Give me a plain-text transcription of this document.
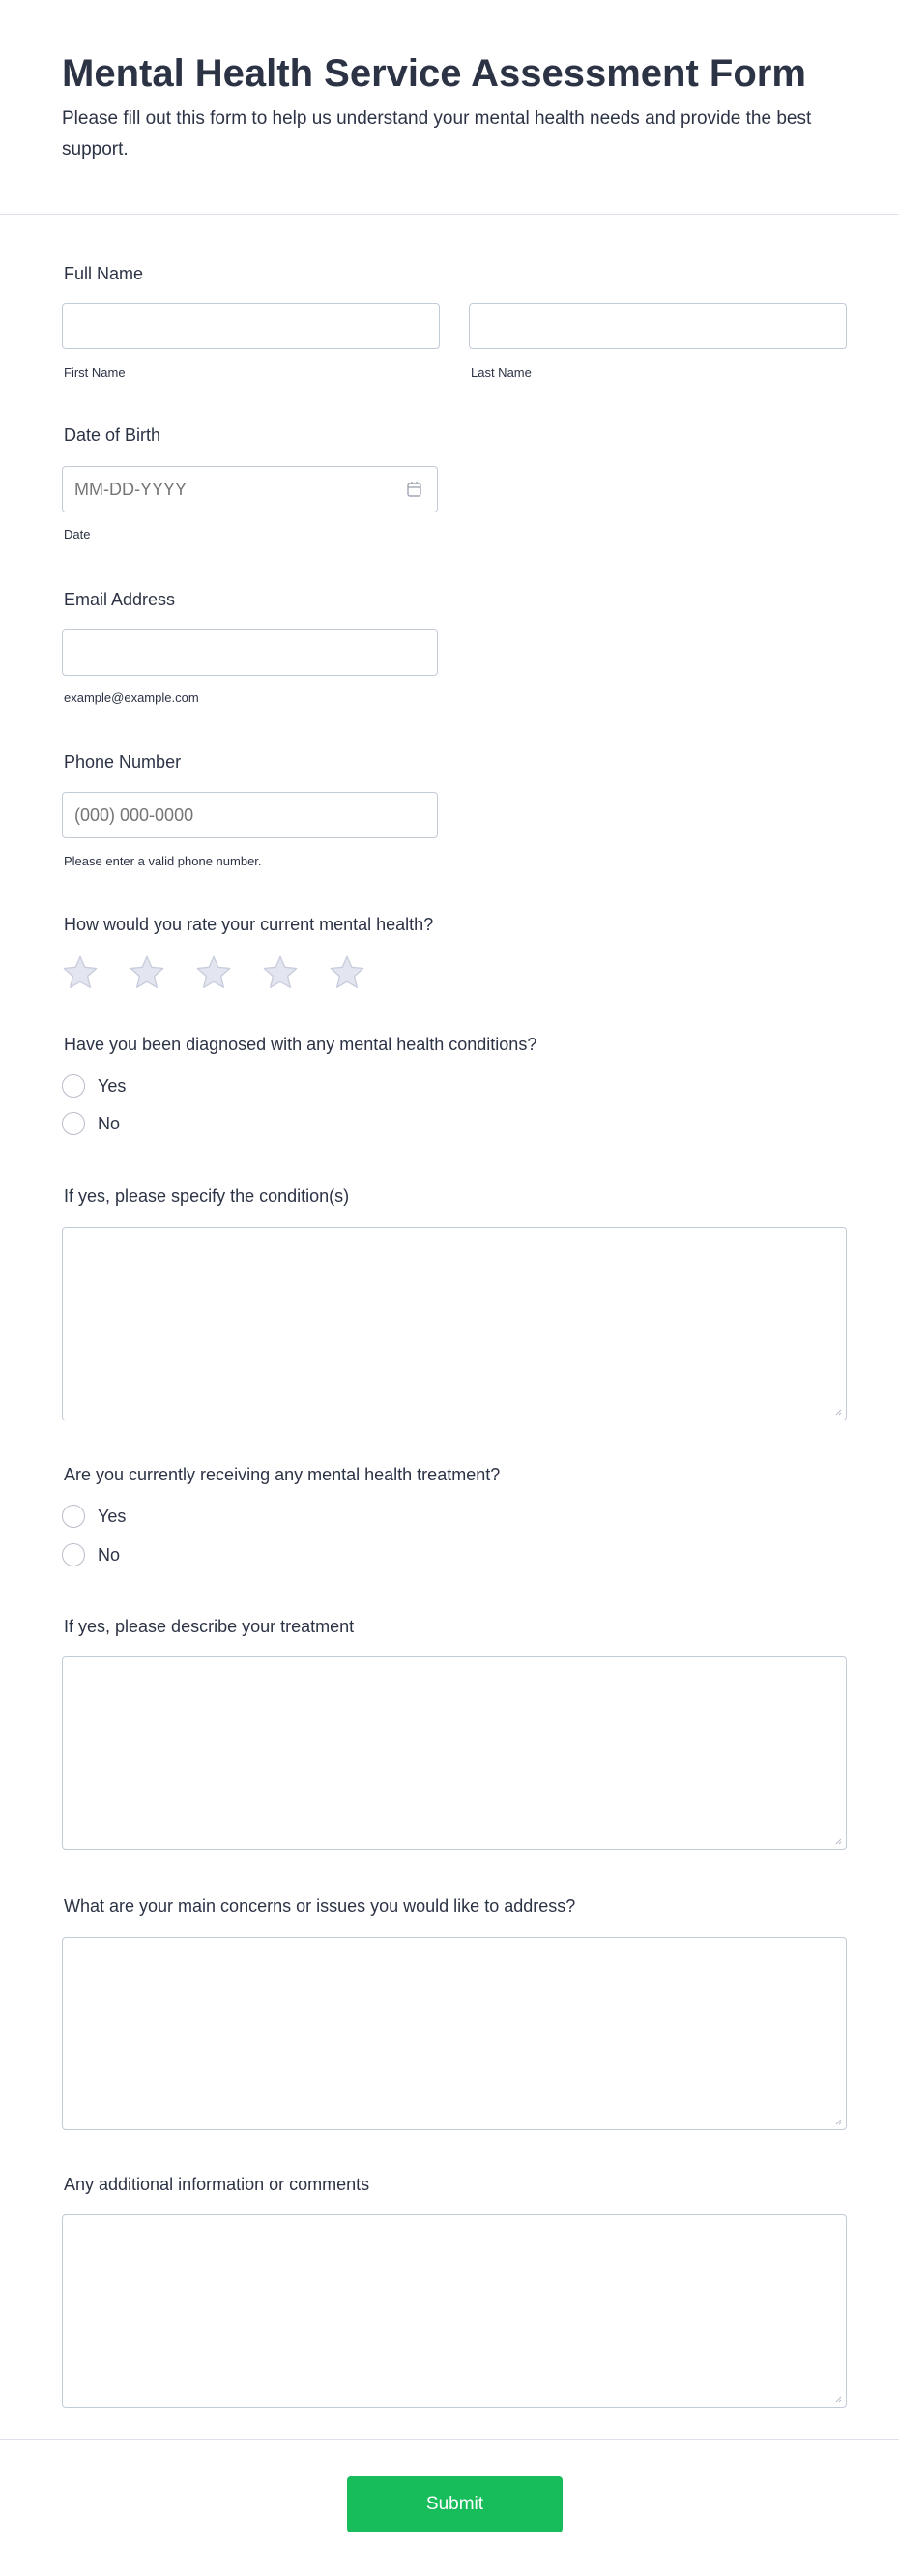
Mental Health Service Assessment Form

Please fill out this form to help us understand your mental health needs and provide the best support.

Full Name
First Name	Last Name
Date of Birth
MM-DD-YYYY
Date
Email Address
example@example.com
Phone Number
(000) 000-0000
Please enter a valid phone number.
How would you rate your current mental health?
Have you been diagnosed with any mental health conditions?
Yes
No
If yes, please specify the condition(s)
Are you currently receiving any mental health treatment?
Yes
No
If yes, please describe your treatment
What are your main concerns or issues you would like to address?
Any additional information or comments
Submit
